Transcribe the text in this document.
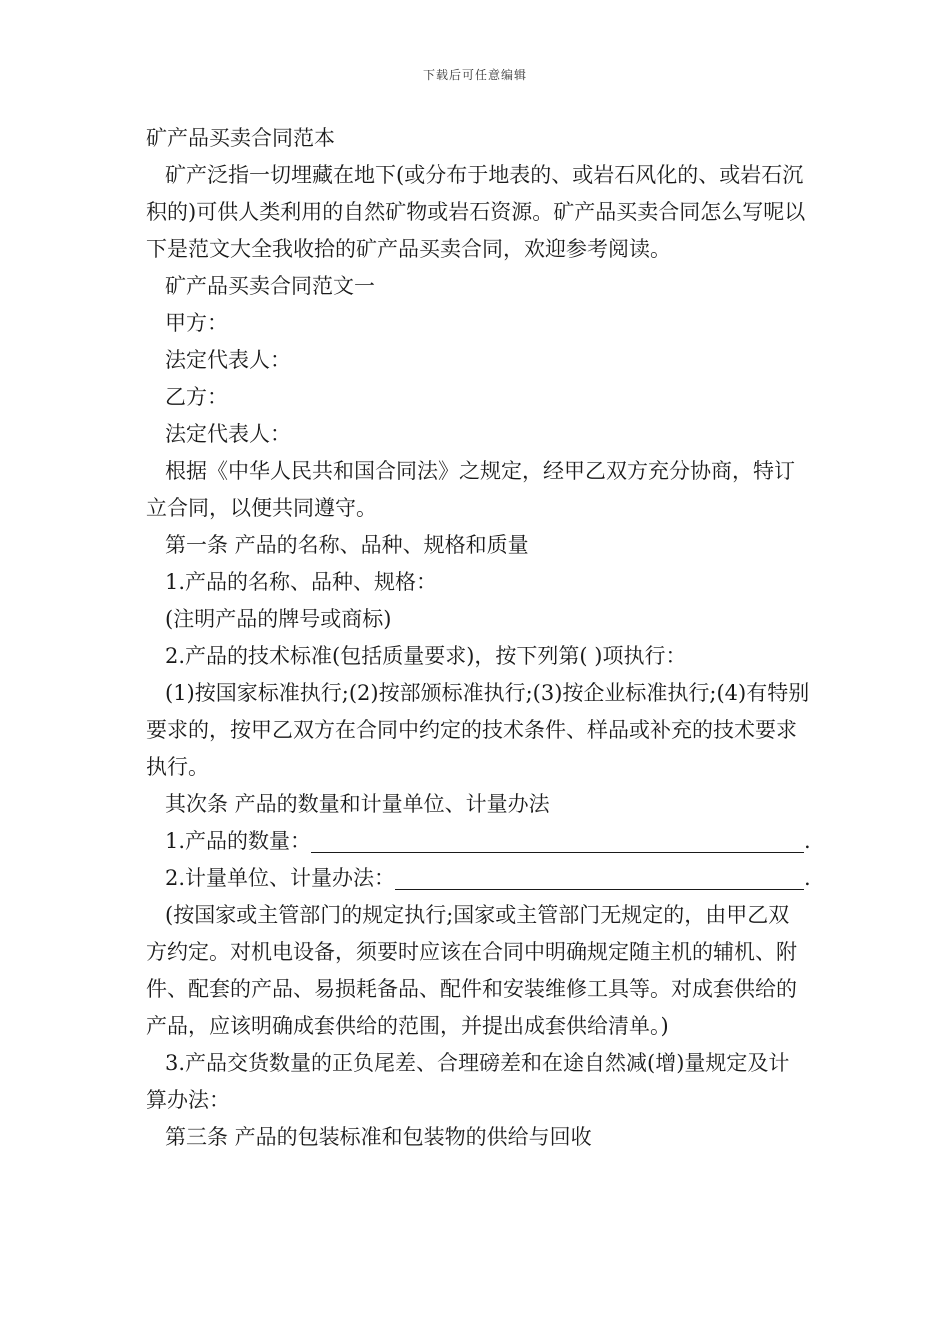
下载后可任意编辑

矿产品买卖合同范本

矿产泛指一切埋藏在地下(或分布于地表的、或岩石风化的、或岩石沉积的)可供人类利用的自然矿物或岩石资源。矿产品买卖合同怎么写呢以下是范文大全我收拾的矿产品买卖合同，欢迎参考阅读。

矿产品买卖合同范文一

甲方：

法定代表人：

乙方：

法定代表人：

根据《中华人民共和国合同法》之规定，经甲乙双方充分协商，特订立合同，以便共同遵守。

第一条 产品的名称、品种、规格和质量

1.产品的名称、品种、规格：

(注明产品的牌号或商标)

2.产品的技术标准(包括质量要求)，按下列第( )项执行：

(1)按国家标准执行;(2)按部颁标准执行;(3)按企业标准执行;(4)有特别要求的，按甲乙双方在合同中约定的技术条件、样品或补充的技术要求执行。

其次条 产品的数量和计量单位、计量办法

1.产品的数量：	.
2.计量单位、计量办法：	.

(按国家或主管部门的规定执行;国家或主管部门无规定的，由甲乙双方约定。对机电设备，须要时应该在合同中明确规定随主机的辅机、附件、配套的产品、易损耗备品、配件和安装维修工具等。对成套供给的产品，应该明确成套供给的范围，并提出成套供给清单。)

3.产品交货数量的正负尾差、合理磅差和在途自然减(增)量规定及计算办法：

第三条 产品的包装标准和包装物的供给与回收
